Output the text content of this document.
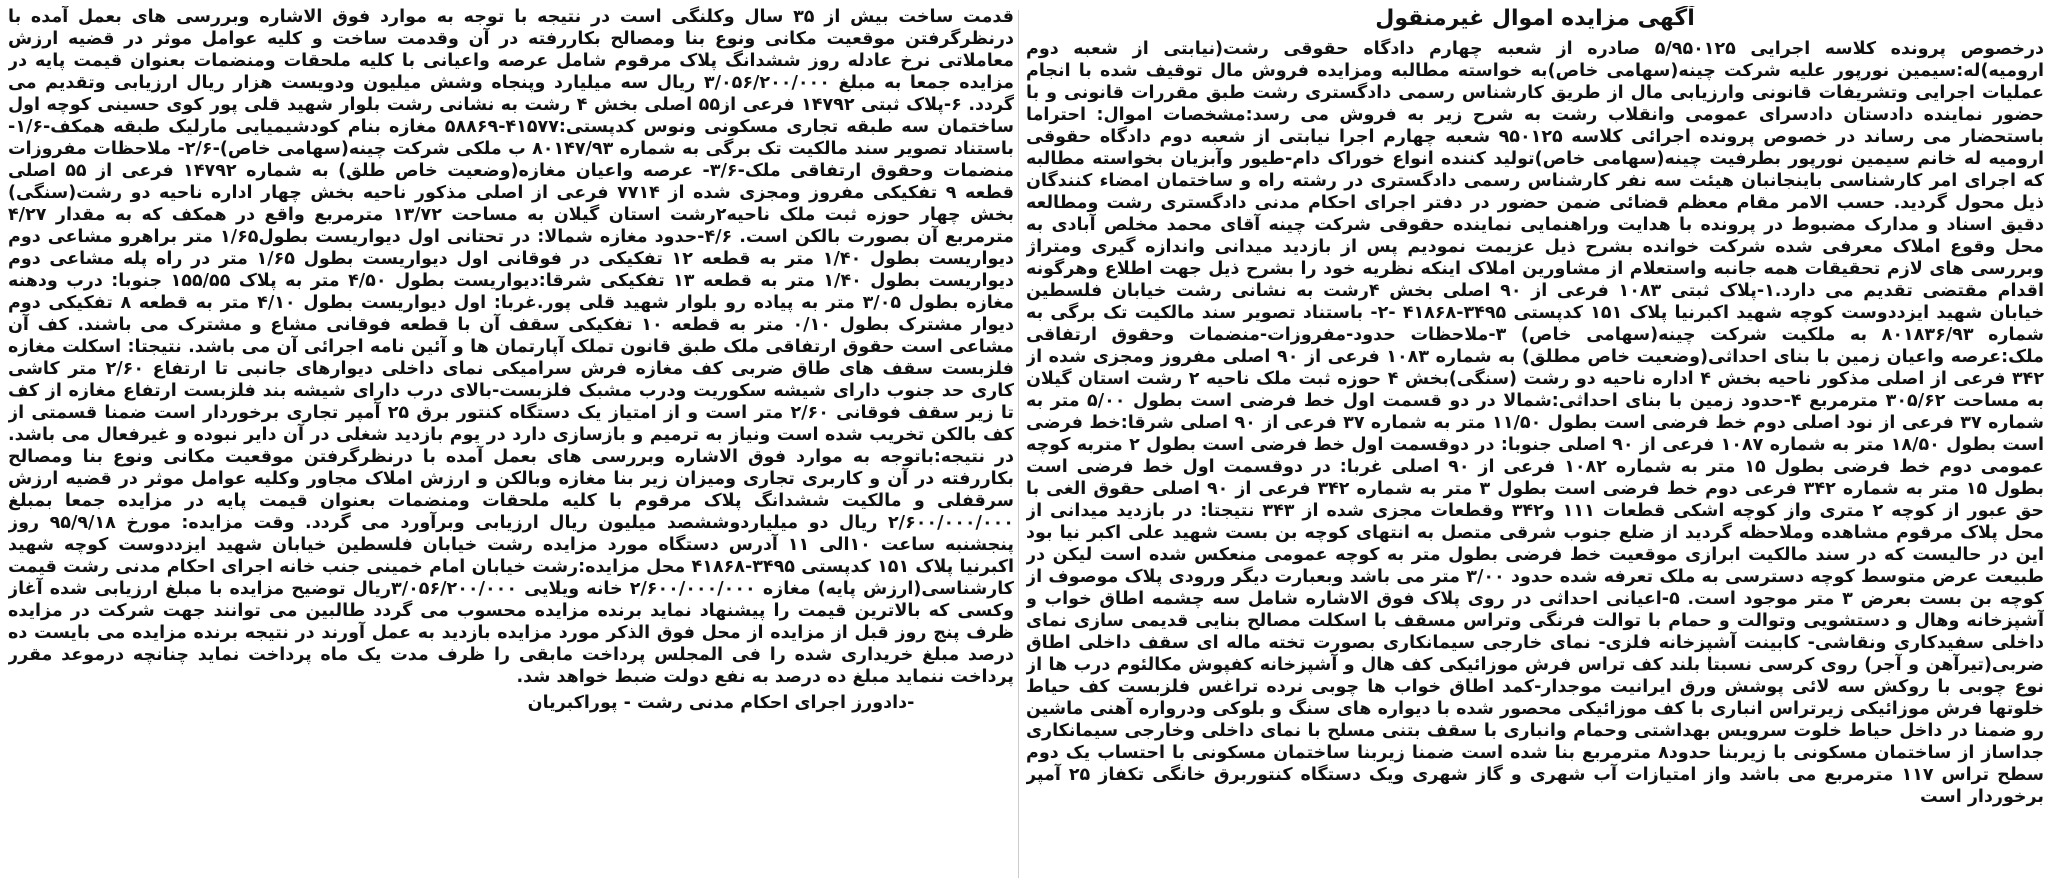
آگهی مزایده اموال غیرمنقول

درخصوص پرونده کلاسه اجرایی ۵/۹۵۰۱۲۵ صادره از شعبه چهارم دادگاه حقوقی رشت(نیابتی از شعبه دوم ارومیه)له:سیمین نورپور علیه شرکت چینه(سهامی خاص)به خواسته مطالبه ومزایده فروش مال توقیف شده با انجام عملیات اجرایی وتشریفات قانونی وارزیابی مال از طریق کارشناس رسمی دادگستری رشت طبق مقررات قانونی و با حضور نماینده دادستان دادسرای عمومی وانقلاب رشت به شرح زیر به فروش می رسد:مشخصات اموال: احتراما باستحضار می رساند در خصوص پرونده اجرائی کلاسه ۹۵۰۱۲۵ شعبه چهارم اجرا نیابتی از شعبه دوم دادگاه حقوقی ارومیه له خانم سیمین نورپور بطرفیت چینه(سهامی خاص)تولید کننده انواع خوراک دام-طیور وآبزیان بخواسته مطالبه که اجرای امر کارشناسی باینجانبان هیئت سه نفر کارشناس رسمی دادگستری در رشته راه و ساختمان امضاء کنندگان ذیل محول گردید. حسب الامر مقام معظم قضائی ضمن حضور در دفتر اجرای احکام مدنی دادگستری رشت ومطالعه دقیق اسناد و مدارک مضبوط در پرونده با هدایت وراهنمایی نماینده حقوقی شرکت چینه آقای محمد مخلص آبادی به محل وقوع املاک معرفی شده شرکت خوانده بشرح ذیل عزیمت نمودیم پس از بازدید میدانی واندازه گیری ومتراژ وبررسی های لازم تحقیقات همه جانبه واستعلام از مشاورین املاک اینکه نظریه خود را بشرح ذیل جهت اطلاع وهرگونه اقدام مقتضی تقدیم می دارد.۱-پلاک ثبتی ۱۰۸۳ فرعی از ۹۰ اصلی بخش ۴رشت به نشانی رشت خیابان فلسطین خیابان شهید ایزددوست کوچه شهید اکبرنیا پلاک ۱۵۱ کدپستی ۳۴۹۵-۴۱۸۶۸ -۲- باستناد تصویر سند مالکیت تک برگی به شماره ۸۰۱۸۳۶/۹۳ به ملکیت شرکت چینه(سهامی خاص) ۳-ملاحظات حدود-مفروزات-منضمات وحقوق ارتفاقی ملک:عرصه واعیان زمین با بنای احداثی(وضعیت خاص مطلق) به شماره ۱۰۸۳ فرعی از ۹۰ اصلی مفروز ومجزی شده از ۳۴۲ فرعی از اصلی مذکور ناحیه بخش ۴ اداره ناحیه دو رشت (سنگی)بخش ۴ حوزه ثبت ملک ناحیه ۲ رشت استان گیلان به مساحت ۳۰۵/۶۲ مترمربع ۴-حدود زمین با بنای احداثی:شمالا در دو قسمت اول خط فرضی است بطول ۵/۰۰ متر به شماره ۳۷ فرعی از نود اصلی دوم خط فرضی است بطول ۱۱/۵۰ متر به شماره ۳۷ فرعی از ۹۰ اصلی شرقا:خط فرضی است بطول ۱۸/۵۰ متر به شماره ۱۰۸۷ فرعی از ۹۰ اصلی جنوبا: در دوقسمت اول خط فرضی است بطول ۲ متربه کوچه عمومی دوم خط فرضی بطول ۱۵ متر به شماره ۱۰۸۲ فرعی از ۹۰ اصلی غربا: در دوقسمت اول خط فرضی است بطول ۱۵ متر به شماره ۳۴۲ فرعی دوم خط فرضی است بطول ۳ متر به شماره ۳۴۲ فرعی از ۹۰ اصلی حقوق الغی با حق عبور از کوچه ۲ متری واز کوچه اشکی قطعات ۱۱۱ و۳۴۲ وقطعات مجزی شده از ۳۴۳ نتیجتا: در بازدید میدانی از محل پلاک مرقوم مشاهده وملاحظه گردید از ضلع جنوب شرقی متصل به انتهای کوچه بن بست شهید علی اکبر نیا بود این در حالیست که در سند مالکیت ابرازی موقعیت خط فرضی بطول متر به کوچه عمومی منعکس شده است لیکن در طبیعت عرض متوسط کوچه دسترسی به ملک تعرفه شده حدود ۳/۰۰ متر می باشد وبعبارت دیگر ورودی پلاک موصوف از کوچه بن بست بعرض ۳ متر موجود است. ۵-اعیانی احداثی در روی پلاک فوق الاشاره شامل سه چشمه اطاق خواب و آشپزخانه وهال و دستشویی وتوالت و حمام با توالت فرنگی وتراس مسقف با اسکلت مصالح بنایی قدیمی سازی نمای داخلی سفیدکاری ونقاشی- کابینت آشپزخانه فلزی- نمای خارجی سیمانکاری بصورت تخته ماله ای سقف داخلی اطاق ضربی(تیرآهن و آجر) روی کرسی نسبتا بلند کف تراس فرش موزائیکی کف هال و آشپزخانه کفپوش مکالئوم درب ها از نوع چوبی با روکش سه لائی پوشش ورق ایرانیت موجدار-کمد اطاق خواب ها چوبی نرده تراغس فلزبست کف حیاط خلوتها فرش موزائیکی زیرتراس انباری با کف موزائیکی محصور شده با دیواره های سنگ و بلوکی ودرواره آهنی ماشین رو ضمنا در داخل حیاط خلوت سرویس بهداشتی وحمام وانباری با سقف بتنی مسلح با نمای داخلی وخارجی سیمانکاری جداساز از ساختمان مسکونی با زیربنا حدود۸ مترمربع بنا شده است ضمنا زیربنا ساختمان مسکونی با احتساب یک دوم سطح تراس ۱۱۷ مترمربع می باشد واز امتیازات آب شهری و گاز شهری ویک دستگاه کنتوربرق خانگی تکفاز ۲۵ آمپر برخوردار است

قدمت ساخت بیش از ۳۵ سال وکلنگی است در نتیجه با توجه به موارد فوق الاشاره وبررسی های بعمل آمده با درنظرگرفتن موقعیت مکانی ونوع بنا ومصالح بکاررفته در آن وقدمت ساخت و کلیه عوامل موثر در قضیه ارزش معاملاتی نرخ عادله روز ششدانگ پلاک مرقوم شامل عرصه واعیانی با کلیه ملحقات ومنضمات بعنوان قیمت پایه در مزایده جمعا به مبلغ ۳/۰۵۶/۲۰۰/۰۰۰ ریال سه میلیارد وپنجاه وشش میلیون ودویست هزار ریال ارزیابی وتقدیم می گردد. ۶-پلاک ثبتی ۱۴۷۹۲ فرعی از۵۵ اصلی بخش ۴ رشت به نشانی رشت بلوار شهید قلی پور کوی حسینی کوچه اول ساختمان سه طبقه تجاری مسکونی ونوس کدپستی:۴۱۵۷۷-۵۸۸۶۹ مغازه بنام کودشیمیایی مارلیک طبقه همکف-۱/۶- باستناد تصویر سند مالکیت تک برگی به شماره ۸۰۱۴۷/۹۳ ب ملکی شرکت چینه(سهامی خاص)-۲/۶- ملاحظات مفروزات منضمات وحقوق ارتفاقی ملک-۳/۶- عرصه واعیان مغازه(وضعیت خاص طلق) به شماره ۱۴۷۹۲ فرعی از ۵۵ اصلی قطعه ۹ تفکیکی مفروز ومجزی شده از ۷۷۱۴ فرعی از اصلی مذکور ناحیه بخش چهار اداره ناحیه دو رشت(سنگی) بخش چهار حوزه ثبت ملک ناحیه۲رشت استان گیلان به مساحت ۱۳/۷۲ مترمربع واقع در همکف که به مقدار ۴/۲۷ مترمربع آن بصورت بالکن است. ۴/۶-حدود مغازه شمالا: در تحتانی اول دیواریست بطول۱/۶۵ متر براهرو مشاعی دوم دیواریست بطول ۱/۴۰ متر به قطعه ۱۲ تفکیکی در فوقانی اول دیواریست بطول ۱/۶۵ متر در راه پله مشاعی دوم دیواریست بطول ۱/۴۰ متر به قطعه ۱۳ تفکیکی شرقا:دیواریست بطول ۴/۵۰ متر به پلاک ۱۵۵/۵۵ جنوبا: درب ودهنه مغازه بطول ۳/۰۵ متر به پیاده رو بلوار شهید قلی پور.غربا: اول دیواریست بطول ۴/۱۰ متر به قطعه ۸ تفکیکی دوم دیوار مشترک بطول ۰/۱۰ متر به قطعه ۱۰ تفکیکی سقف آن با قطعه فوقانی مشاع و مشترک می باشند. کف آن مشاعی است حقوق ارتفاقی ملک طبق قانون تملک آپارتمان ها و آئین نامه اجرائی آن می باشد. نتیجتا: اسکلت مغازه فلزبست سقف های طاق ضربی کف مغازه فرش سرامیکی نمای داخلی دیوارهای جانبی تا ارتفاع ۲/۶۰ متر کاشی کاری حد جنوب دارای شیشه سکوریت ودرب مشبک فلزبست-بالای درب دارای شیشه بند فلزبست ارتفاع مغازه از کف تا زیر سقف فوقانی ۲/۶۰ متر است و از امتیاز یک دستگاه کنتور برق ۲۵ آمپر تجاری برخوردار است ضمنا قسمتی از کف بالکن تخریب شده است ونیاز به ترمیم و بازسازی دارد در یوم بازدید شغلی در آن دایر نبوده و غیرفعال می باشد. در نتیجه:باتوجه به موارد فوق الاشاره وبررسی های بعمل آمده با درنظرگرفتن موقعیت مکانی ونوع بنا ومصالح بکاررفته در آن و کاربری تجاری ومیزان زیر بنا مغازه وبالکن و ارزش املاک مجاور وکلیه عوامل موثر در قضیه ارزش سرقفلی و مالکیت ششدانگ پلاک مرقوم با کلیه ملحقات ومنضمات بعنوان قیمت پایه در مزایده جمعا بمبلغ ۲/۶۰۰/۰۰۰/۰۰۰ ریال دو میلیاردوششصد میلیون ریال ارزیابی وبرآورد می گردد. وقت مزایده: مورخ ۹۵/۹/۱۸ روز پنجشنبه ساعت ۱۰الی ۱۱ آدرس دستگاه مورد مزایده رشت خیابان فلسطین خیابان شهید ایزددوست کوچه شهید اکبرنیا پلاک ۱۵۱ کدپستی ۳۴۹۵-۴۱۸۶۸ محل مزایده:رشت خیابان امام خمینی جنب خانه اجرای احکام مدنی رشت قیمت کارشناسی(ارزش پایه) مغازه ۲/۶۰۰/۰۰۰/۰۰۰ خانه ویلایی ۳/۰۵۶/۲۰۰/۰۰۰ریال توضیح مزایده با مبلغ ارزیابی شده آغاز وکسی که بالاترین قیمت را پیشنهاد نماید برنده مزایده محسوب می گردد طالبین می توانند جهت شرکت در مزایده ظرف پنج روز قبل از مزایده از محل فوق الذکر مورد مزایده بازدید به عمل آورند در نتیجه برنده مزایده می بایست ده درصد مبلغ خریداری شده را فی المجلس پرداخت مابقی را ظرف مدت یک ماه پرداخت نماید چنانچه درموعد مقرر پرداخت ننماید مبلغ ده درصد به نفع دولت ضبط خواهد شد.

-دادورز اجرای احکام مدنی رشت - پوراکبریان
